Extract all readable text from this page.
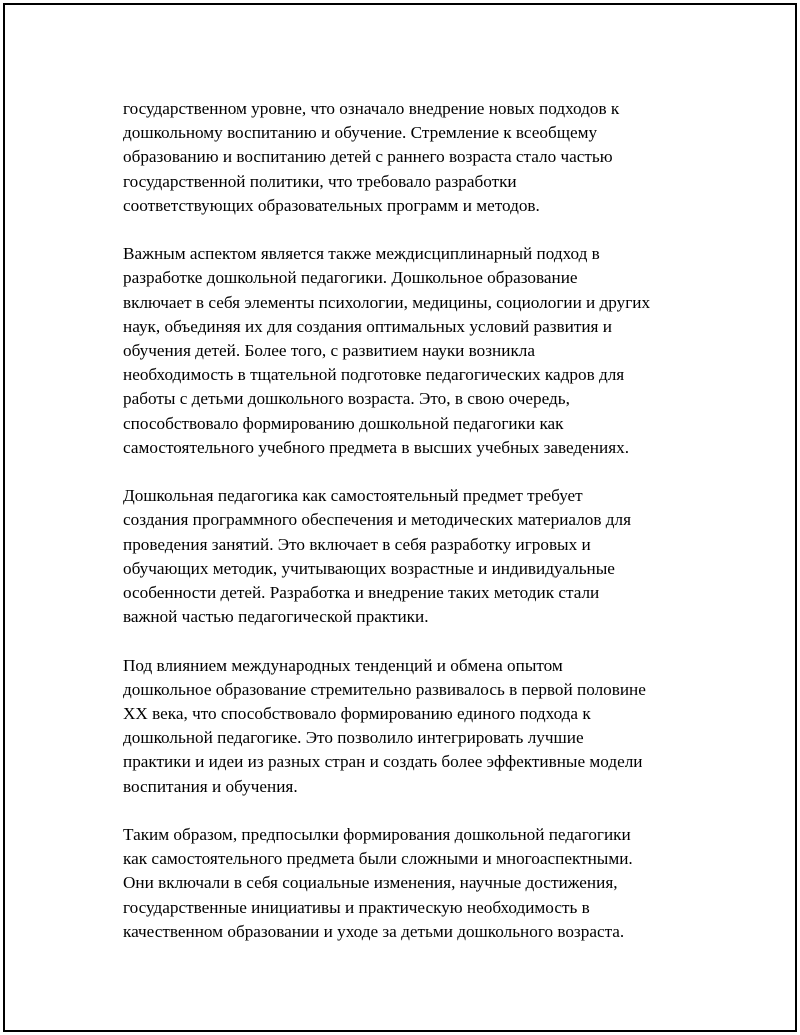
государственном уровне, что означало внедрение новых подходов к
дошкольному воспитанию и обучение. Стремление к всеобщему
образованию и воспитанию детей с раннего возраста стало частью
государственной политики, что требовало разработки
соответствующих образовательных программ и методов.

Важным аспектом является также междисциплинарный подход в
разработке дошкольной педагогики. Дошкольное образование
включает в себя элементы психологии, медицины, социологии и других
наук, объединяя их для создания оптимальных условий развития и
обучения детей. Более того, с развитием науки возникла
необходимость в тщательной подготовке педагогических кадров для
работы с детьми дошкольного возраста. Это, в свою очередь,
способствовало формированию дошкольной педагогики как
самостоятельного учебного предмета в высших учебных заведениях.

Дошкольная педагогика как самостоятельный предмет требует
создания программного обеспечения и методических материалов для
проведения занятий. Это включает в себя разработку игровых и
обучающих методик, учитывающих возрастные и индивидуальные
особенности детей. Разработка и внедрение таких методик стали
важной частью педагогической практики.

Под влиянием международных тенденций и обмена опытом
дошкольное образование стремительно развивалось в первой половине
XX века, что способствовало формированию единого подхода к
дошкольной педагогике. Это позволило интегрировать лучшие
практики и идеи из разных стран и создать более эффективные модели
воспитания и обучения.

Таким образом, предпосылки формирования дошкольной педагогики
как самостоятельного предмета были сложными и многоаспектными.
Они включали в себя социальные изменения, научные достижения,
государственные инициативы и практическую необходимость в
качественном образовании и уходе за детьми дошкольного возраста.
